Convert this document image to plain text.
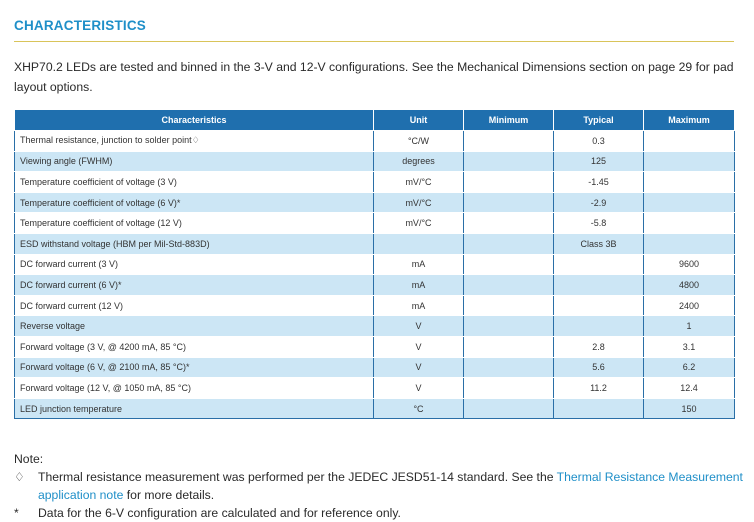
CHARACTERISTICS
XHP70.2 LEDs are tested and binned in the 3-V and 12-V configurations. See the Mechanical Dimensions section on page 29 for pad layout options.
Characteristics	Unit	Minimum	Typical	Maximum
Thermal resistance, junction to solder point♢	°C/W		0.3	
Viewing angle (FWHM)	degrees		125	
Temperature coefficient of voltage (3 V)	mV/°C		-1.45	
Temperature coefficient of voltage (6 V)*	mV/°C		-2.9	
Temperature coefficient of voltage (12 V)	mV/°C		-5.8	
ESD withstand voltage (HBM per Mil-Std-883D)			Class 3B	
DC forward current (3 V)	mA			9600
DC forward current (6 V)*	mA			4800
DC forward current (12 V)	mA			2400
Reverse voltage	V			1
Forward voltage (3 V, @ 4200 mA, 85 °C)	V		2.8	3.1
Forward voltage (6 V, @ 2100 mA, 85 °C)*	V		5.6	6.2
Forward voltage (12 V, @ 1050 mA, 85 °C)	V		11.2	12.4
LED junction temperature	°C			150
Note:
♢	Thermal resistance measurement was performed per the JEDEC JESD51-14 standard. See the Thermal Resistance Measurement application note for more details.
*	Data for the 6-V configuration are calculated and for reference only.
